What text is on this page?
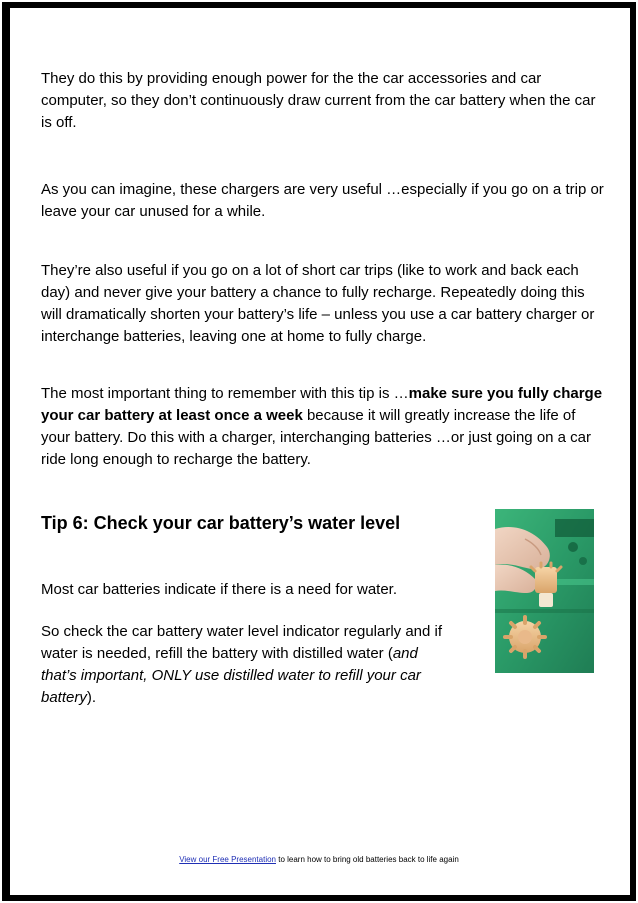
They do this by providing enough power for the the car accessories and car computer, so they don’t continuously draw current from the car battery when the car is off.

As you can imagine, these chargers are very useful …especially if you go on a trip or leave your car unused for a while.

They’re also useful if you go on a lot of short car trips (like to work and back each day) and never give your battery a chance to fully recharge. Repeatedly doing this will dramatically shorten your battery’s life – unless you use a car battery charger or interchange batteries, leaving one at home to fully charge.

The most important thing to remember with this tip is …make sure you fully charge your car battery at least once a week because it will greatly increase the life of your battery. Do this with a charger, interchanging batteries …or just going on a car ride long enough to recharge the battery.

Tip 6: Check your car battery’s water level

Most car batteries indicate if there is a need for water.

So check the car battery water level indicator regularly and if water is needed, refill the battery with distilled water (and that’s important, ONLY use distilled water to refill your car battery).

View our Free Presentation to learn how to bring old batteries back to life again
